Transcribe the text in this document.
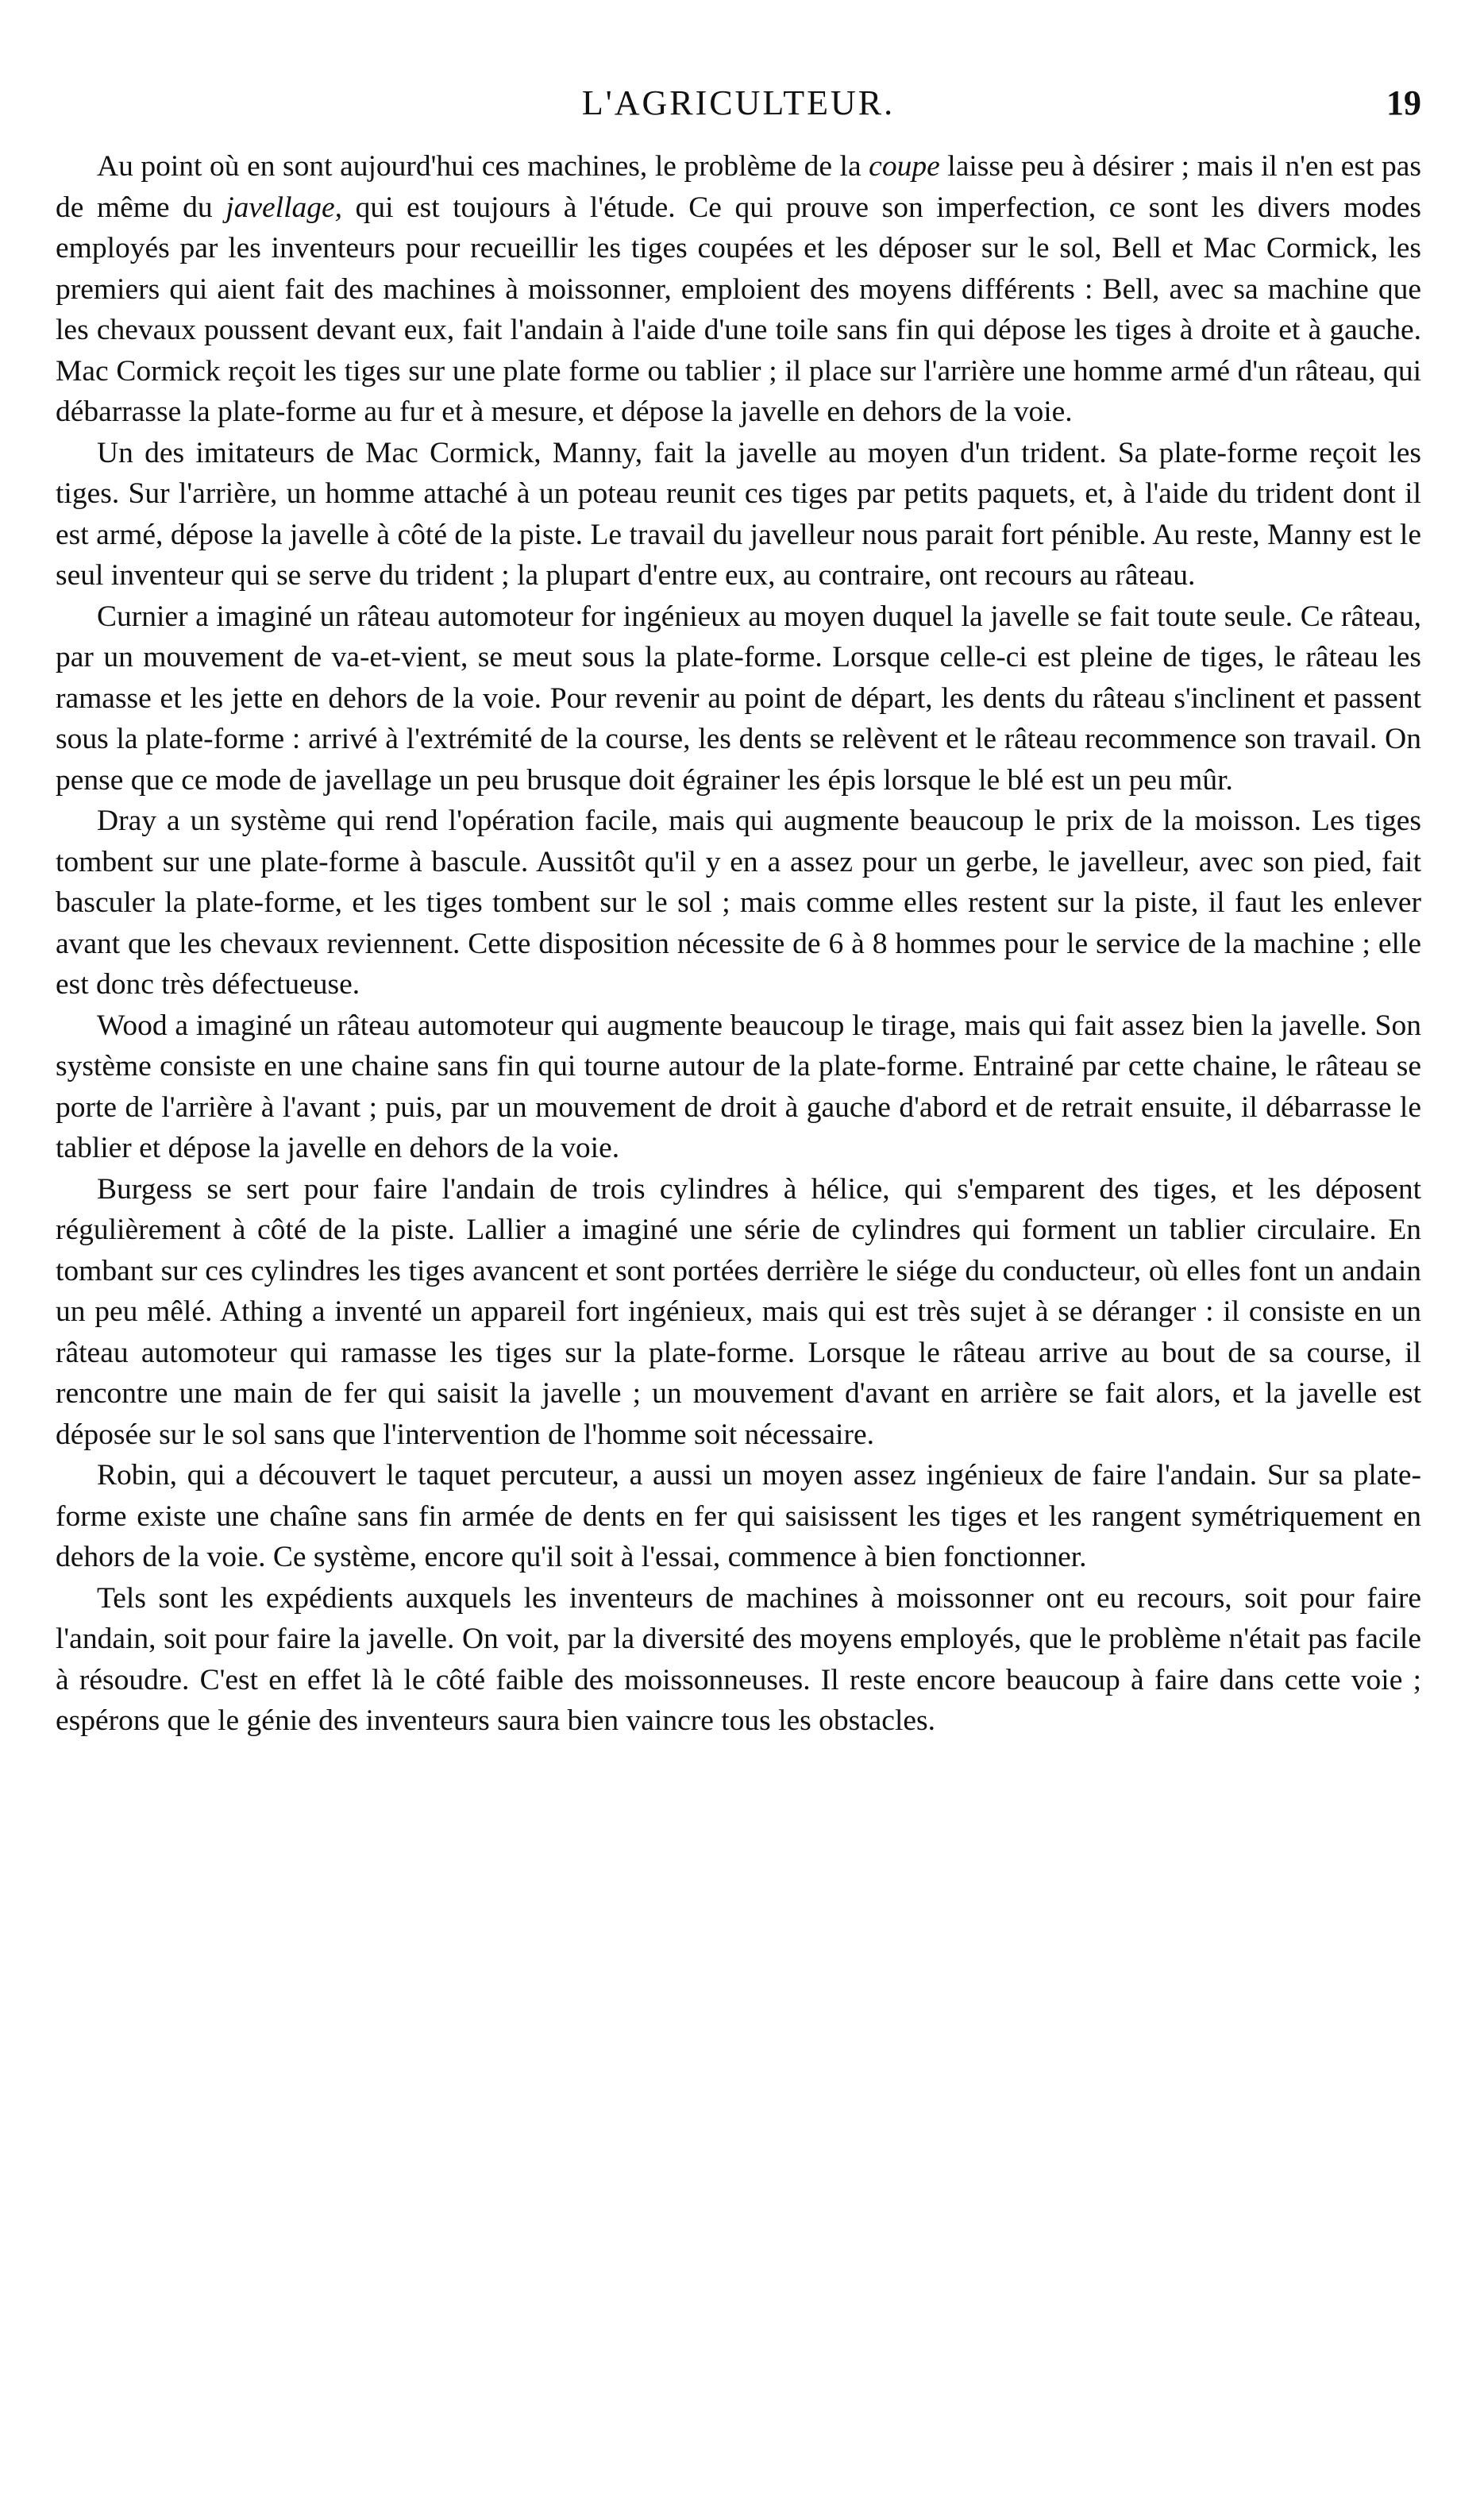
L'AGRICULTEUR.	19

Au point où en sont aujourd'hui ces machines, le problème de la coupe laisse peu à désirer ; mais il n'en est pas de même du javellage, qui est toujours à l'étude. Ce qui prouve son imperfection, ce sont les divers modes employés par les inventeurs pour recueillir les tiges coupées et les déposer sur le sol, Bell et Mac Cormick, les premiers qui aient fait des machines à moissonner, emploient des moyens différents : Bell, avec sa machine que les chevaux poussent devant eux, fait l'andain à l'aide d'une toile sans fin qui dépose les tiges à droite et à gauche. Mac Cormick reçoit les tiges sur une plate forme ou tablier ; il place sur l'arrière une homme armé d'un râteau, qui débarrasse la plate-forme au fur et à mesure, et dépose la javelle en dehors de la voie.

Un des imitateurs de Mac Cormick, Manny, fait la javelle au moyen d'un trident. Sa plate-forme reçoit les tiges. Sur l'arrière, un homme attaché à un poteau reunit ces tiges par petits paquets, et, à l'aide du trident dont il est armé, dépose la javelle à côté de la piste. Le travail du javelleur nous parait fort pénible. Au reste, Manny est le seul inventeur qui se serve du trident ; la plupart d'entre eux, au contraire, ont recours au râteau.

Curnier a imaginé un râteau automoteur for ingénieux au moyen duquel la javelle se fait toute seule. Ce râteau, par un mouvement de va-et-vient, se meut sous la plate-forme. Lorsque celle-ci est pleine de tiges, le râteau les ramasse et les jette en dehors de la voie. Pour revenir au point de départ, les dents du râteau s'inclinent et passent sous la plate-forme : arrivé à l'extrémité de la course, les dents se relèvent et le râteau recommence son travail. On pense que ce mode de javellage un peu brusque doit égrainer les épis lorsque le blé est un peu mûr.

Dray a un système qui rend l'opération facile, mais qui augmente beaucoup le prix de la moisson. Les tiges tombent sur une plate-forme à bascule. Aussitôt qu'il y en a assez pour un gerbe, le javelleur, avec son pied, fait basculer la plate-forme, et les tiges tombent sur le sol ; mais comme elles restent sur la piste, il faut les enlever avant que les chevaux reviennent. Cette disposition nécessite de 6 à 8 hommes pour le service de la machine ; elle est donc très défectueuse.

Wood a imaginé un râteau automoteur qui augmente beaucoup le tirage, mais qui fait assez bien la javelle. Son système consiste en une chaine sans fin qui tourne autour de la plate-forme. Entrainé par cette chaine, le râteau se porte de l'arrière à l'avant ; puis, par un mouvement de droit à gauche d'abord et de retrait ensuite, il débarrasse le tablier et dépose la javelle en dehors de la voie.

Burgess se sert pour faire l'andain de trois cylindres à hélice, qui s'emparent des tiges, et les déposent régulièrement à côté de la piste. Lallier a imaginé une série de cylindres qui forment un tablier circulaire. En tombant sur ces cylindres les tiges avancent et sont portées derrière le siége du conducteur, où elles font un andain un peu mêlé. Athing a inventé un appareil fort ingénieux, mais qui est très sujet à se déranger : il consiste en un râteau automoteur qui ramasse les tiges sur la plate-forme. Lorsque le râteau arrive au bout de sa course, il rencontre une main de fer qui saisit la javelle ; un mouvement d'avant en arrière se fait alors, et la javelle est déposée sur le sol sans que l'intervention de l'homme soit nécessaire.

Robin, qui a découvert le taquet percuteur, a aussi un moyen assez ingénieux de faire l'andain. Sur sa plate-forme existe une chaîne sans fin armée de dents en fer qui saisissent les tiges et les rangent symétriquement en dehors de la voie. Ce système, encore qu'il soit à l'essai, commence à bien fonctionner.

Tels sont les expédients auxquels les inventeurs de machines à moissonner ont eu recours, soit pour faire l'andain, soit pour faire la javelle. On voit, par la diversité des moyens employés, que le problème n'était pas facile à résoudre. C'est en effet là le côté faible des moissonneuses. Il reste encore beaucoup à faire dans cette voie ; espérons que le génie des inventeurs saura bien vaincre tous les obstacles.
